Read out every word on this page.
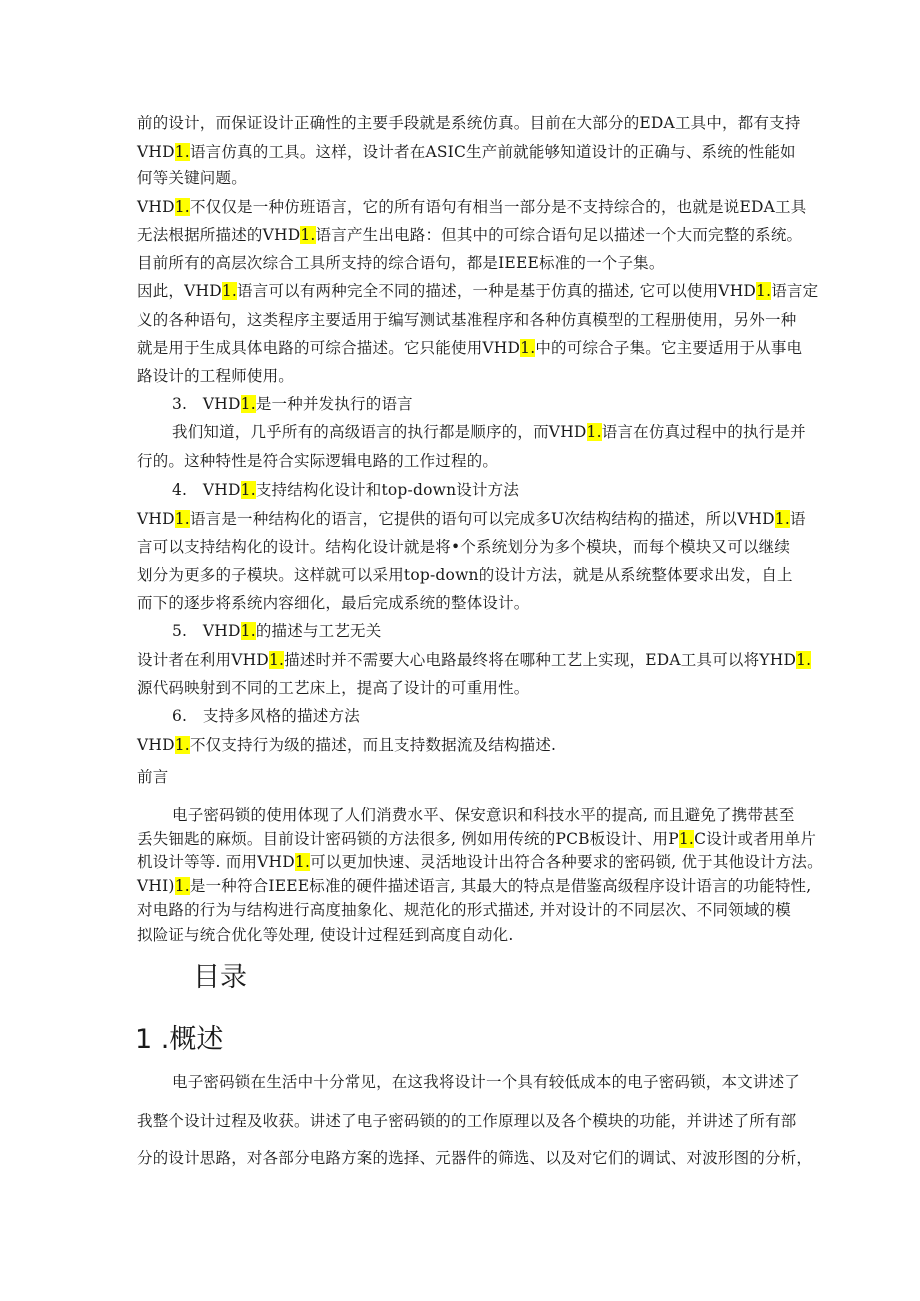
前的设计，而保证设计正确性的主要手段就是系统仿真。目前在大部分的EDA工具中，都有支持
VHD1.语言仿真的工具。这样，设计者在ASIC生产前就能够知道设计的正确与、系统的性能如
何等关键问题。
VHD1.不仅仅是一种仿班语言，它的所有语句有相当一部分是不支持综合的，也就是说EDA工具
无法根据所描述的VHD1.语言产生出电路：但其中的可综合语句足以描述一个大而完整的系统。
目前所有的高层次综合工具所支持的综合语句，都是IEEE标准的一个子集。
因此，VHD1.语言可以有两种完全不同的描述，一种是基于仿真的描述, 它可以使用VHD1.语言定
义的各种语句，这类程序主要适用于编写测试基准程序和各种仿真模型的工程册使用，另外一种
就是用于生成具体电路的可综合描述。它只能使用VHD1.中的可综合子集。它主要适用于从事电
路设计的工程师使用。
3.　VHD1.是一种并发执行的语言
我们知道，几乎所有的高级语言的执行都是顺序的，而VHD1.语言在仿真过程中的执行是并
行的。这种特性是符合实际逻辑电路的工作过程的。
4.　VHD1.支持结构化设计和top-down设计方法
VHD1.语言是一种结构化的语言，它提供的语句可以完成多U次结构结构的描述，所以VHD1.语
言可以支持结构化的设计。结构化设计就是将•个系统划分为多个模块，而每个模块又可以继续
划分为更多的子模块。这样就可以采用top-down的设计方法，就是从系统整体要求出发，自上
而下的逐步将系统内容细化，最后完成系统的整体设计。
5.　VHD1.的描述与工艺无关
设计者在利用VHD1.描述时并不需要大心电路最终将在哪种工艺上实现，EDA工具可以将YHD1.
源代码映射到不同的工艺床上，提高了设计的可重用性。
6.　支持多风格的描述方法
VHD1.不仅支持行为级的描述，而且支持数据流及结构描述.
前言
电子密码锁的使用体现了人们消费水平、保安意识和科技水平的提高, 而且避免了携带甚至
丢失钿匙的麻烦。目前设计密码锁的方法很多, 例如用传统的PCB板设计、用P1.C设计或者用单片
机设计等等. 而用VHD1.可以更加快速、灵活地设计出符合各种要求的密码锁, 优于其他设计方法。
VHI)1.是一种符合IEEE标准的硬件描述语言, 其最大的特点是借鉴高级程序设计语言的功能特性,
对电路的行为与结构进行高度抽象化、规范化的形式描述, 并对设计的不同层次、不同领域的模
拟险证与统合优化等处理, 使设计过程廷到高度自动化.
目录
1 .概述
电子密码锁在生活中十分常见，在这我将设计一个具有较低成本的电子密码锁，本文讲述了
我整个设计过程及收获。讲述了电子密码锁的的工作原理以及各个模块的功能，并讲述了所有部
分的设计思路，对各部分电路方案的选择、元器件的筛选、以及对它们的调试、对波形图的分析，
